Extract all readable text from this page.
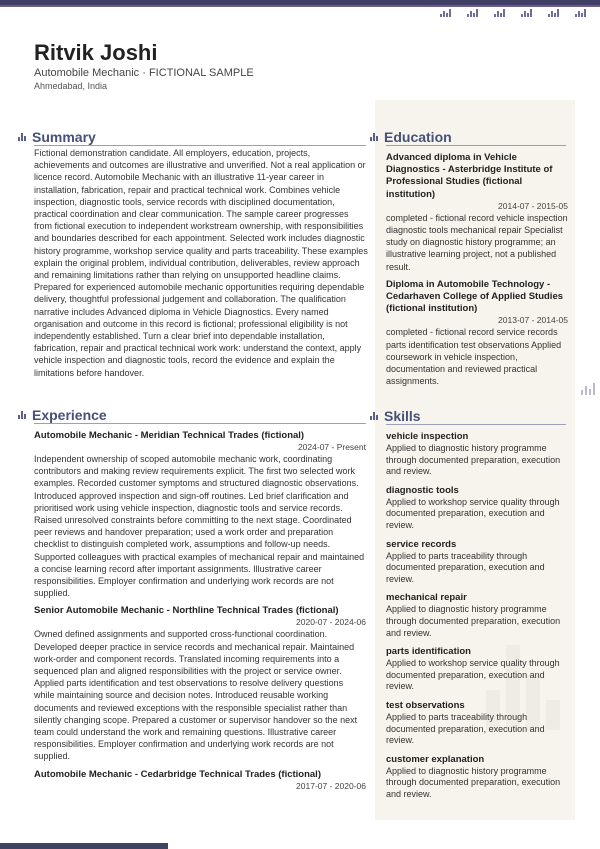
Ritvik Joshi
Automobile Mechanic · FICTIONAL SAMPLE
Ahmedabad, India
Summary
Fictional demonstration candidate. All employers, education, projects, achievements and outcomes are illustrative and unverified. Not a real application or licence record. Automobile Mechanic with an illustrative 11-year career in installation, fabrication, repair and practical technical work. Combines vehicle inspection, diagnostic tools, service records with disciplined documentation, practical coordination and clear communication. The sample career progresses from fictional execution to independent workstream ownership, with responsibilities and boundaries described for each appointment. Selected work includes diagnostic history programme, workshop service quality and parts traceability. These examples explain the original problem, individual contribution, deliverables, review approach and remaining limitations rather than relying on unsupported headline claims. Prepared for experienced automobile mechanic opportunities requiring dependable delivery, thoughtful professional judgement and collaboration. The qualification narrative includes Advanced diploma in Vehicle Diagnostics. Every named organisation and outcome in this record is fictional; professional eligibility is not independently established. Turn a clear brief into dependable installation, fabrication, repair and practical technical work work: understand the context, apply vehicle inspection and diagnostic tools, record the evidence and explain the limitations before handover.
Experience
Automobile Mechanic - Meridian Technical Trades (fictional)
2024-07 - Present
Independent ownership of scoped automobile mechanic work, coordinating contributors and making review requirements explicit. The first two selected work examples. Recorded customer symptoms and structured diagnostic observations. Introduced approved inspection and sign-off routines. Led brief clarification and prioritised work using vehicle inspection, diagnostic tools and service records. Raised unresolved constraints before committing to the next stage. Coordinated peer reviews and handover preparation; used a work order and preparation checklist to distinguish completed work, assumptions and follow-up needs. Supported colleagues with practical examples of mechanical repair and maintained a concise learning record after important assignments. Illustrative career responsibilities. Employer confirmation and underlying work records are not supplied.
Senior Automobile Mechanic - Northline Technical Trades (fictional)
2020-07 - 2024-06
Owned defined assignments and supported cross-functional coordination. Developed deeper practice in service records and mechanical repair. Maintained work-order and component records. Translated incoming requirements into a sequenced plan and aligned responsibilities with the project or service owner. Applied parts identification and test observations to resolve delivery questions while maintaining source and decision notes. Introduced reusable working documents and reviewed exceptions with the responsible specialist rather than silently changing scope. Prepared a customer or supervisor handover so the next team could understand the work and remaining questions. Illustrative career responsibilities. Employer confirmation and underlying work records are not supplied.
Automobile Mechanic - Cedarbridge Technical Trades (fictional)
2017-07 - 2020-06
Education
Advanced diploma in Vehicle Diagnostics - Asterbridge Institute of Professional Studies (fictional institution)
2014-07 - 2015-05
completed - fictional record vehicle inspection diagnostic tools mechanical repair Specialist study on diagnostic history programme; an illustrative learning project, not a published result.
Diploma in Automobile Technology - Cedarhaven College of Applied Studies (fictional institution)
2013-07 - 2014-05
completed - fictional record service records parts identification test observations Applied coursework in vehicle inspection, documentation and reviewed practical assignments.
Skills
vehicle inspection
Applied to diagnostic history programme through documented preparation, execution and review.
diagnostic tools
Applied to workshop service quality through documented preparation, execution and review.
service records
Applied to parts traceability through documented preparation, execution and review.
mechanical repair
Applied to diagnostic history programme through documented preparation, execution and review.
parts identification
Applied to workshop service quality through documented preparation, execution and review.
test observations
Applied to parts traceability through documented preparation, execution and review.
customer explanation
Applied to diagnostic history programme through documented preparation, execution and review.
